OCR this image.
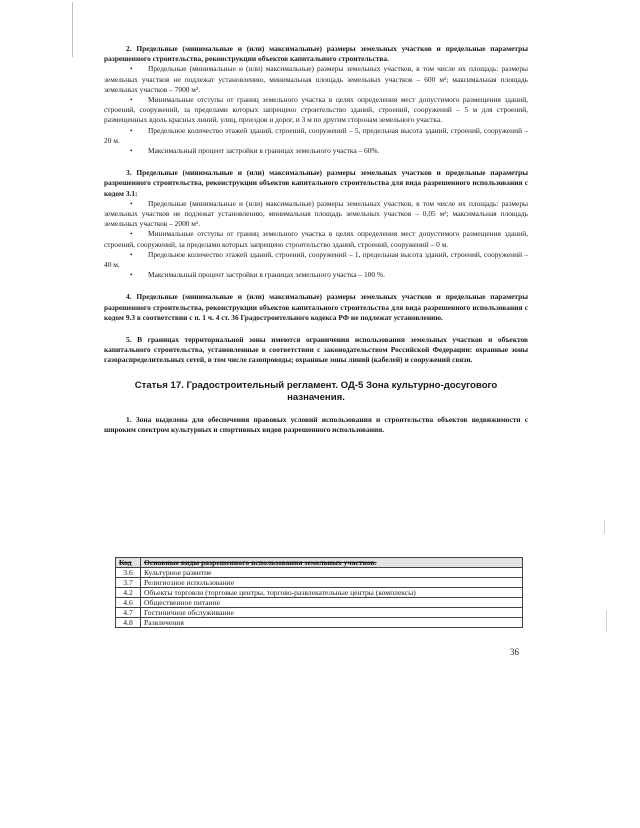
2. Предельные (минимальные и (или) максимальные) размеры земельных участков и предельные параметры разрешенного строительства, реконструкции объектов капитального строительства.
• Предельные (минимальные и (или) максимальные) размеры земельных участков, в том числе их площадь: размеры земельных участков не подлежат установлению, минимальная площадь земельных участков – 600 м²; максимальная площадь земельных участков – 7000 м².
• Минимальные отступы от границ земельного участка в целях определения мест допустимого размещения зданий, строений, сооружений, за пределами которых запрещено строительство зданий, строений, сооружений – 5 м для строений, размещенных вдоль красных линий, улиц, проездов и дорог, и 3 м по другим сторонам земельного участка.
• Предельное количество этажей зданий, строений, сооружений – 5, предельная высота зданий, строений, сооружений – 20 м.
• Максимальный процент застройки в границах земельного участка – 60%.
3. Предельные (минимальные и (или) максимальные) размеры земельных участков и предельные параметры разрешенного строительства, реконструкции объектов капитального строительства для вида разрешенного использования с кодом 3.1:
• Предельные (минимальные и (или) максимальные) размеры земельных участков, в том числе их площадь: размеры земельных участков не подлежат установлению, минимальная площадь земельных участков – 0,05 м²; максимальная площадь земельных участков – 2000 м².
• Минимальные отступы от границ земельного участка в целях определения мест допустимого размещения зданий, строений, сооружений, за пределами которых запрещено строительство зданий, строений, сооружений – 0 м.
• Предельное количество этажей зданий, строений, сооружений – 1, предельная высота зданий, строений, сооружений – 40 м.
• Максимальный процент застройки в границах земельного участка – 100 %.
4. Предельные (минимальные и (или) максимальные) размеры земельных участков и предельные параметры разрешенного строительства, реконструкции объектов капитального строительства для вида разрешенного использования с кодом 9.3 в соответствии с п. 1 ч. 4 ст. 36 Градостроительного кодекса РФ не подлежат установлению.
5. В границах территориальной зоны имеются ограничения использования земельных участков и объектов капитального строительства, установленные в соответствии с законодательством Российской Федерации: охранные зоны газораспределительных сетей, в том числе газопроводы; охранные зоны линий (кабелей) и сооружений связи.
Статья 17. Градостроительный регламент. ОД-5 Зона культурно-досугового назначения.
1. Зона выделена для обеспечения правовых условий использования и строительства объектов недвижимости с широким спектром культурных и спортивных видов разрешенного использования.
Код	Основные виды разрешенного использования земельных участков.
3.6	Культурное развитие
3.7	Религиозное использование
4.2	Объекты торговли (торговые центры, торгово-развлекательные центры (комплексы)
4.6	Общественное питание
4.7	Гостиничное обслуживание
4.8	Развлечения
36
